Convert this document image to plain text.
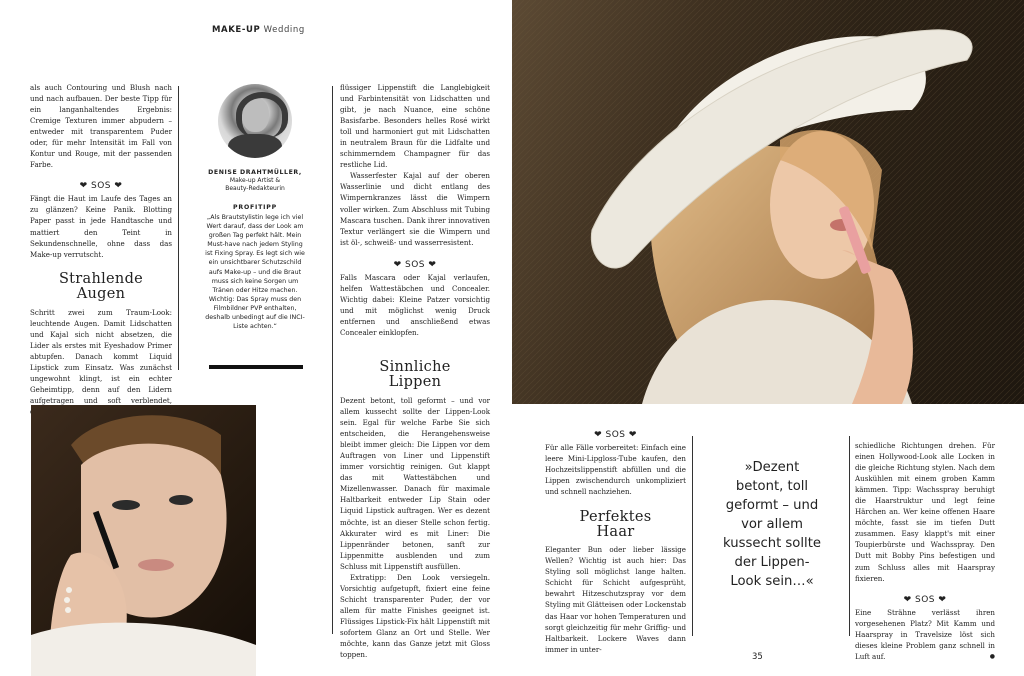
MAKE-UP Wedding

als auch Contouring und Blush nach und nach aufbauen. Der beste Tipp für ein langanhaltendes Ergebnis: Cremige Texturen immer abpudern – entweder mit transparentem Puder oder, für mehr Intensität im Fall von Kontur und Rouge, mit der passenden Farbe.

❤ SOS ❤

Fängt die Haut im Laufe des Tages an zu glänzen? Keine Panik. Blotting Paper passt in jede Handtasche und mattiert den Teint in Sekundenschnelle, ohne dass das Make-up verrutscht.

Strahlende
Augen

Schritt zwei zum Traum-Look: leuchtende Augen. Damit Lidschatten und Kajal sich nicht absetzen, die Lider als erstes mit Eyeshadow Primer abtupfen. Danach kommt Liquid Lipstick zum Einsatz. Was zunächst ungewohnt klingt, ist ein echter Geheimtipp, denn auf den Lidern aufgetragen und soft verblendet,

DENISE DRAHTMÜLLER,
Make-up Artist &
Beauty-Redakteurin
PROFITIPP
„Als Brautstylistin lege ich viel Wert darauf, dass der Look am großen Tag perfekt hält. Mein Must-have nach jedem Styling ist Fixing Spray. Es legt sich wie ein unsichtbarer Schutzschild aufs Make-up – und die Braut muss sich keine Sorgen um Tränen oder Hitze machen. Wichtig: Das Spray muss den Filmbildner PVP enthalten, deshalb unbedingt auf die INCI-Liste achten.“

flüssiger Lippenstift die Langlebigkeit und Farbintensität von Lidschatten und gibt, je nach Nuance, eine schöne Basisfarbe. Besonders helles Rosé wirkt toll und harmoniert gut mit Lidschatten in neutralem Braun für die Lidfalte und schimmerndem Champagner für das restliche Lid.

Wasserfester Kajal auf der oberen Wasserlinie und dicht entlang des Wimpernkranzes lässt die Wimpern voller wirken. Zum Abschluss mit Tubing Mascara tuschen. Dank ihrer innovativen Textur verlängert sie die Wimpern und ist öl-, schweiß- und wasserresistent.

❤ SOS ❤

Falls Mascara oder Kajal verlaufen, helfen Wattestäbchen und Concealer. Wichtig dabei: Kleine Patzer vorsichtig und mit möglichst wenig Druck entfernen und anschließend etwas Concealer einklopfen.

Sinnliche
Lippen

Dezent betont, toll geformt – und vor allem kussecht sollte der Lippen-Look sein. Egal für welche Farbe Sie sich entscheiden, die Herangehensweise bleibt immer gleich: Die Lippen vor dem Auftragen von Liner und Lippenstift immer vorsichtig reinigen. Gut klappt das mit Wattestäbchen und Mizellenwasser. Danach für maximale Haltbarkeit entweder Lip Stain oder Liquid Lipstick auftragen. Wer es dezent möchte, ist an dieser Stelle schon fertig. Akkurater wird es mit Liner: Die Lippenränder betonen, sanft zur Lippenmitte ausblenden und zum Schluss mit Lippenstift ausfüllen.

Extratipp: Den Look versiegeln. Vorsichtig aufgetupft, fixiert eine feine Schicht transparenter Puder, der vor allem für matte Finishes geeignet ist. Flüssiges Lipstick-Fix hält Lippenstift mit sofortem Glanz an Ort und Stelle. Wer möchte, kann das Ganze jetzt mit Gloss toppen.

❤ SOS ❤

Für alle Fälle vorbereitet: Einfach eine leere Mini-Lipgloss-Tube kaufen, den Hochzeitslippenstift abfüllen und die Lippen zwischendurch unkompliziert und schnell nachziehen.

Perfektes
Haar

Eleganter Bun oder lieber lässige Wellen? Wichtig ist auch hier: Das Styling soll möglichst lange halten. Schicht für Schicht aufgesprüht, bewahrt Hitzeschutzspray vor dem Styling mit Glätteisen oder Lockenstab das Haar vor hohen Temperaturen und sorgt gleichzeitig für mehr Griffig- und Haltbarkeit. Lockere Waves dann immer in unter-

»Dezent
betont, toll
geformt – und
vor allem
kussecht sollte
der Lippen-
Look sein…«

schiedliche Richtungen drehen. Für einen Hollywood-Look alle Locken in die gleiche Richtung stylen. Nach dem Auskühlen mit einem groben Kamm kämmen. Tipp: Wachsspray beruhigt die Haarstruktur und legt feine Härchen an. Wer keine offenen Haare möchte, fasst sie im tiefen Dutt zusammen. Easy klappt's mit einer Toupierbürste und Wachsspray. Den Dutt mit Bobby Pins befestigen und zum Schluss alles mit Haarspray fixieren.

❤ SOS ❤

Eine Strähne verlässt ihren vorgesehenen Platz? Mit Kamm und Haarspray in Travelsize löst sich dieses kleine Problem ganz schnell in Luft auf.	●

35
